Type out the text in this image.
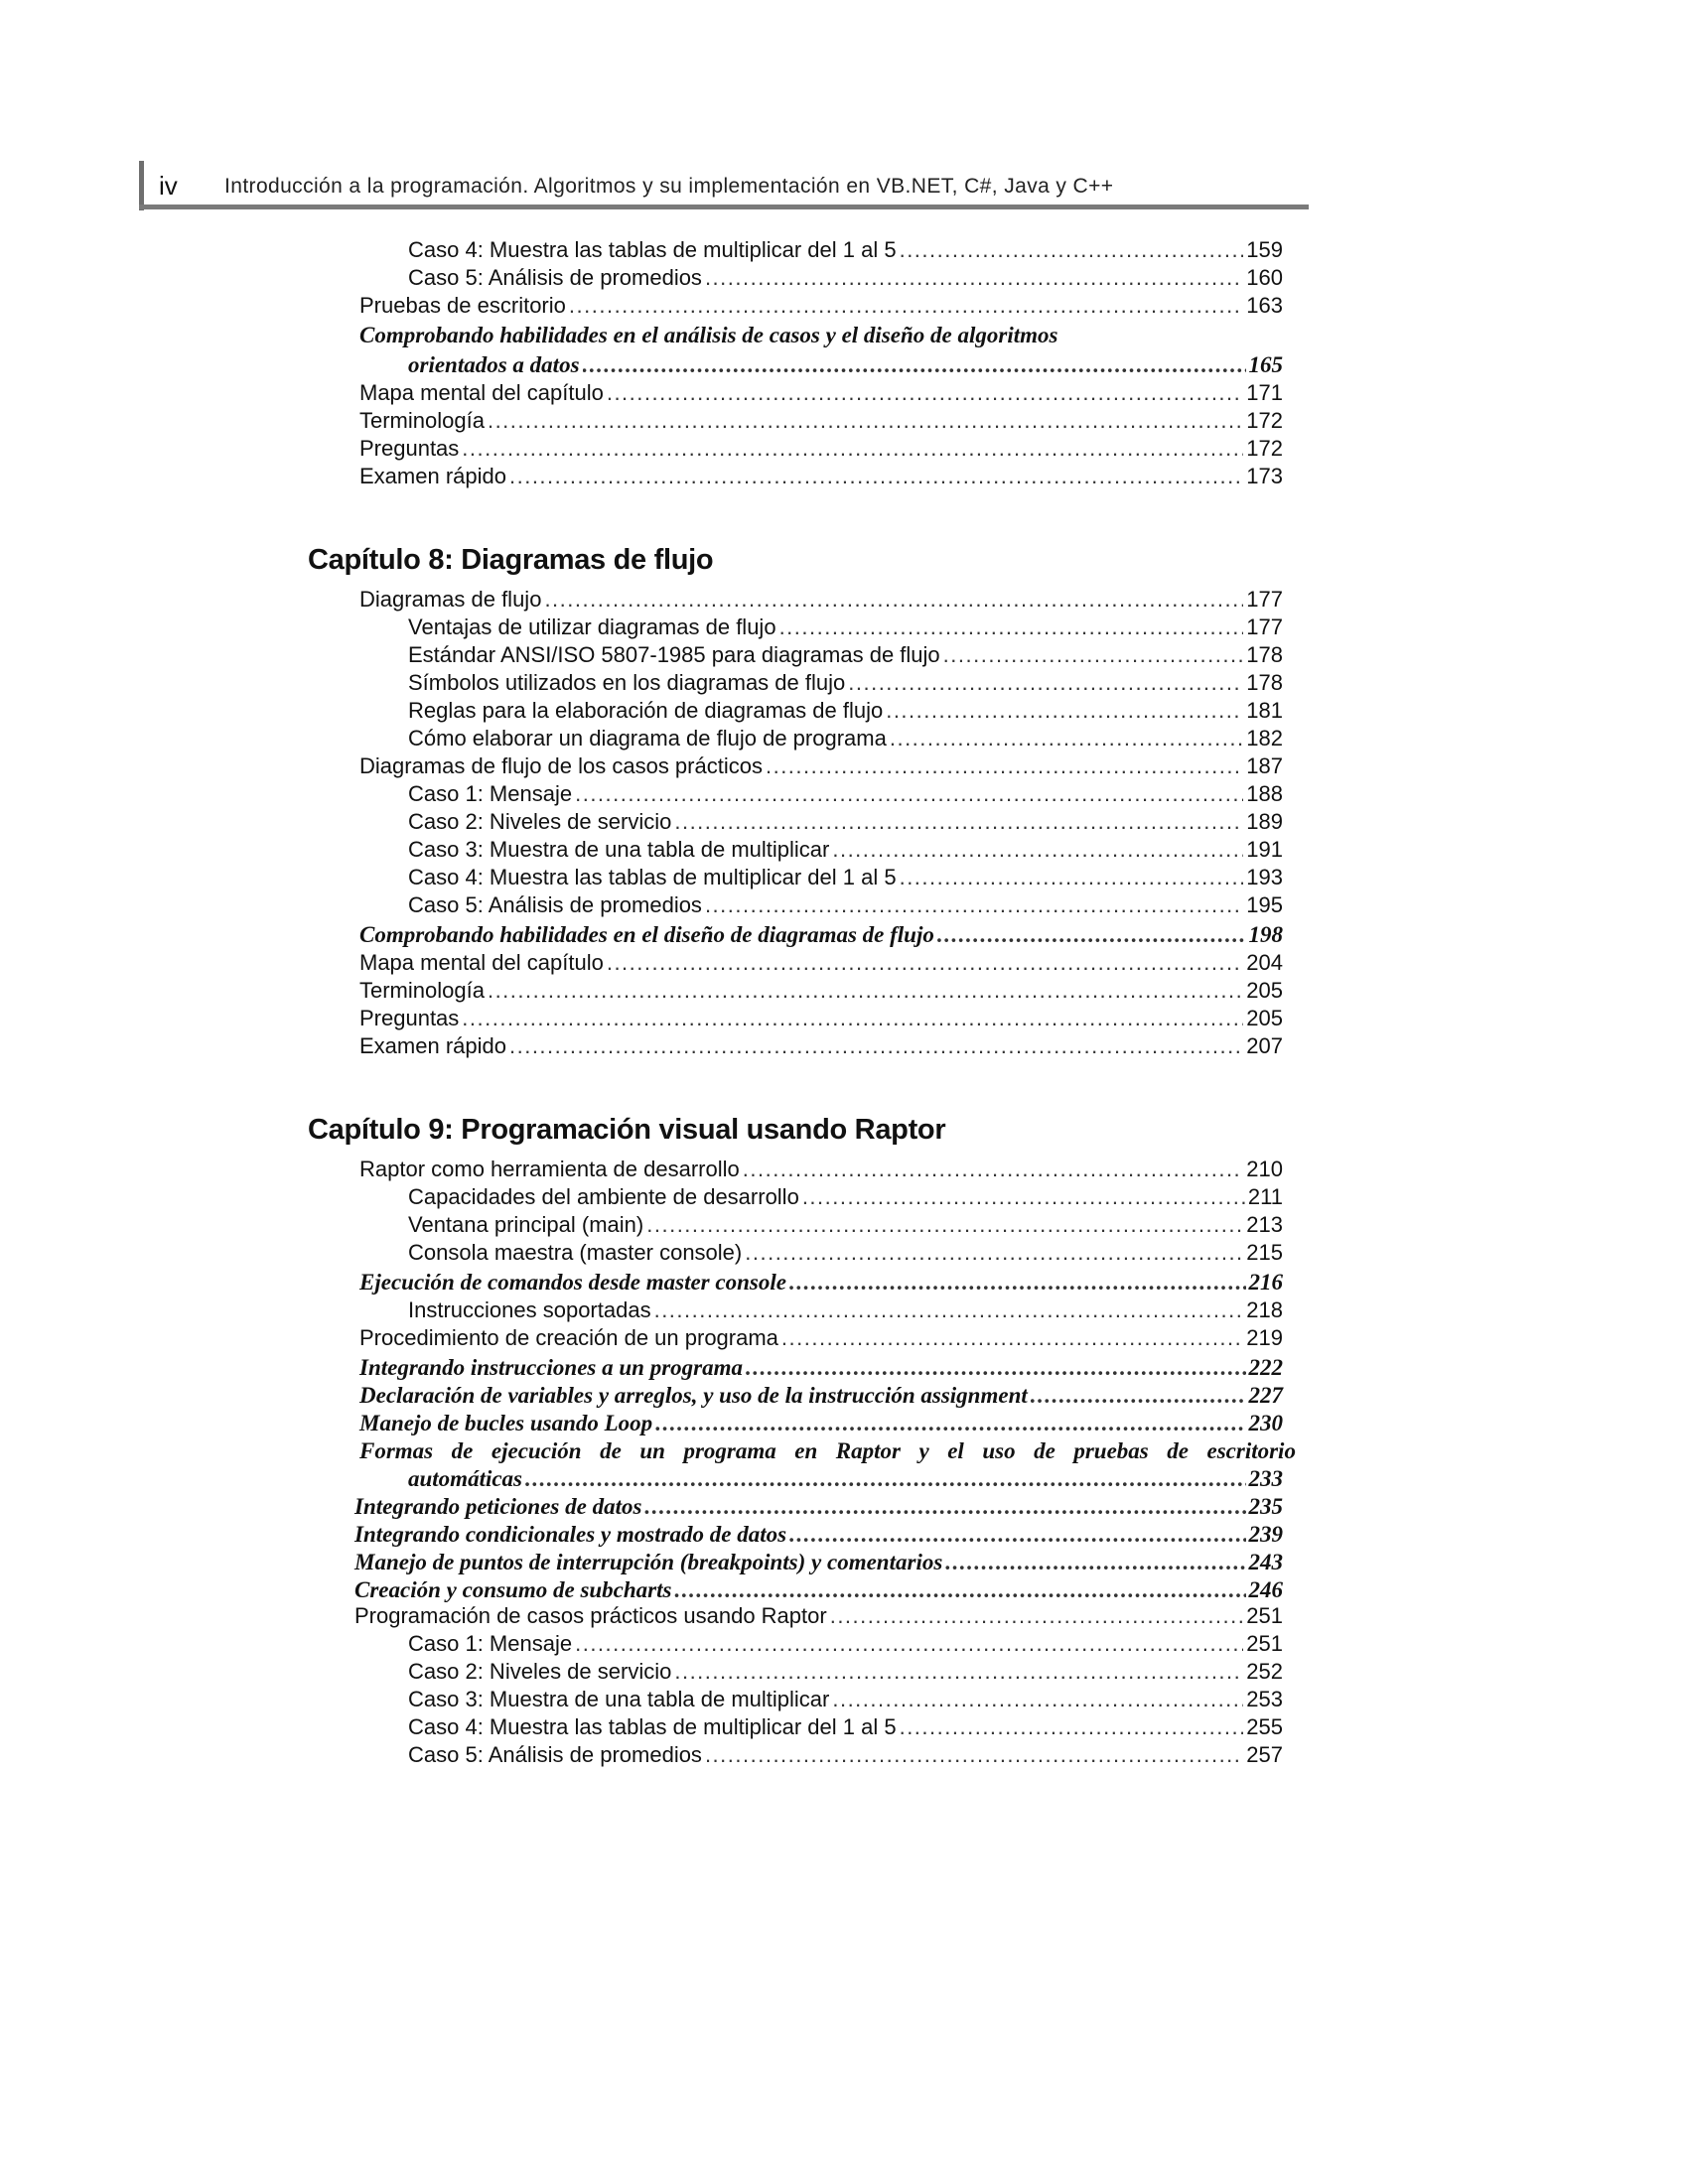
iv Introducción a la programación. Algoritmos y su implementación en VB.NET, C#, Java y C++
Caso 4: Muestra las tablas de multiplicar del 1 al 5 .....	159
Caso 5: Análisis de promedios .....	160
Pruebas de escritorio .....	163
Comprobando habilidades en el análisis de casos y el diseño de algoritmos
orientados a datos .....	165
Mapa mental del capítulo .....	171
Terminología .....	172
Preguntas .....	172
Examen rápido .....	173
Capítulo 8: Diagramas de flujo
Diagramas de flujo .....	177
Ventajas de utilizar diagramas de flujo .....	177
Estándar ANSI/ISO 5807-1985 para diagramas de flujo .....	178
Símbolos utilizados en los diagramas de flujo .....	178
Reglas para la elaboración de diagramas de flujo .....	181
Cómo elaborar un diagrama de flujo de programa .....	182
Diagramas de flujo de los casos prácticos .....	187
Caso 1: Mensaje .....	188
Caso 2: Niveles de servicio .....	189
Caso 3: Muestra de una tabla de multiplicar .....	191
Caso 4: Muestra las tablas de multiplicar del 1 al 5 .....	193
Caso 5: Análisis de promedios .....	195
Comprobando habilidades en el diseño de diagramas de flujo .....	198
Mapa mental del capítulo .....	204
Terminología .....	205
Preguntas .....	205
Examen rápido .....	207
Capítulo 9: Programación visual usando Raptor
Raptor como herramienta de desarrollo .....	210
Capacidades del ambiente de desarrollo .....	211
Ventana principal (main) .....	213
Consola maestra (master console) .....	215
Ejecución de comandos desde master console .....	216
Instrucciones soportadas .....	218
Procedimiento de creación de un programa .....	219
Integrando instrucciones a un programa .....	222
Declaración de variables y arreglos, y uso de la instrucción assignment .....	227
Manejo de bucles usando Loop .....	230
Formas de ejecución de un programa en Raptor y el uso de pruebas de escritorio
automáticas .....	233
Integrando peticiones de datos .....	235
Integrando condicionales y mostrado de datos .....	239
Manejo de puntos de interrupción (breakpoints) y comentarios .....	243
Creación y consumo de subcharts .....	246
Programación de casos prácticos usando Raptor .....	251
Caso 1: Mensaje .....	251
Caso 2: Niveles de servicio .....	252
Caso 3: Muestra de una tabla de multiplicar .....	253
Caso 4: Muestra las tablas de multiplicar del 1 al 5 .....	255
Caso 5: Análisis de promedios .....	257
